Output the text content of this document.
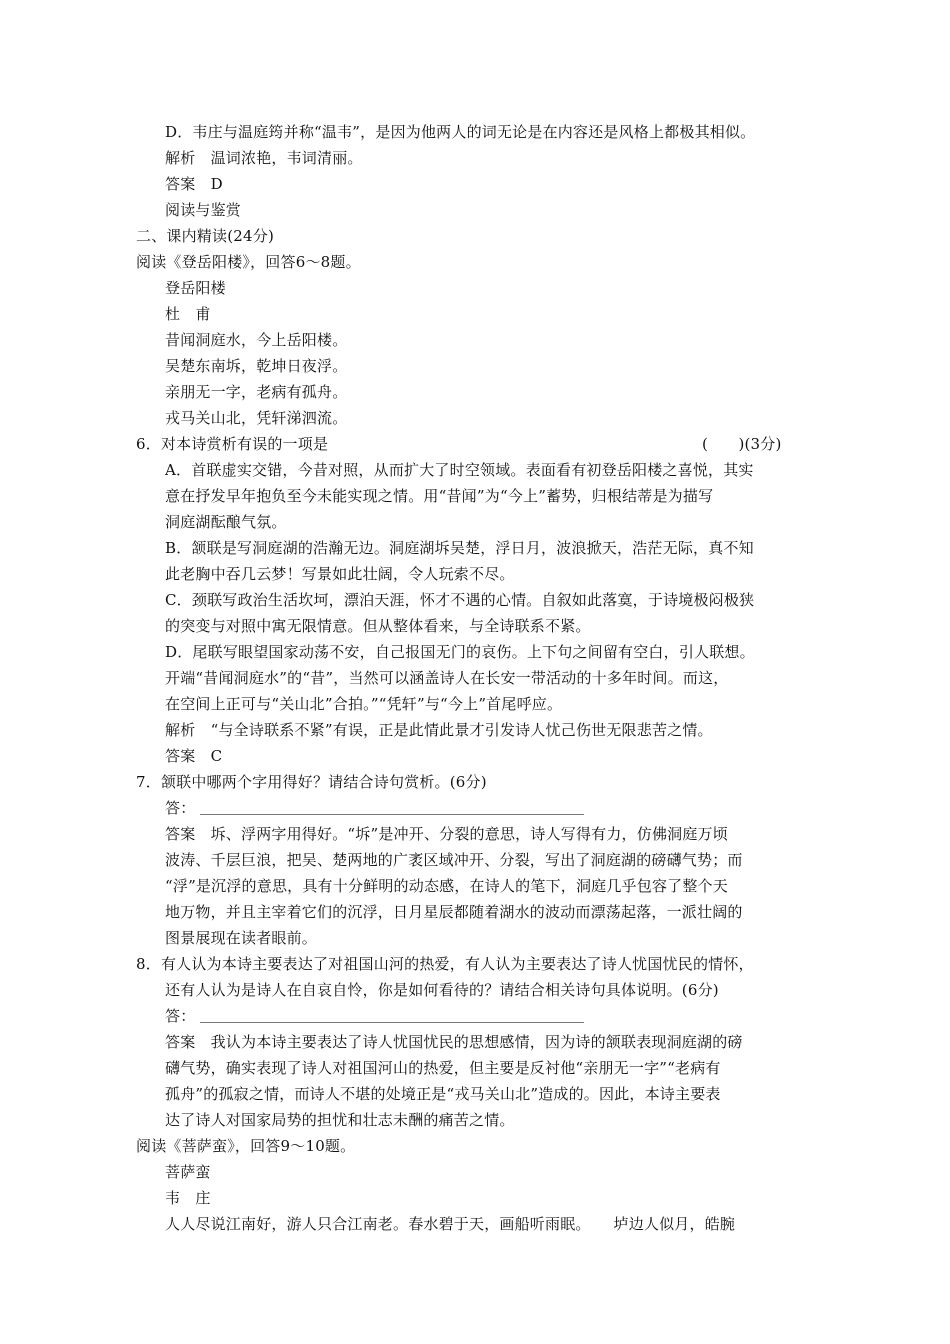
D．韦庄与温庭筠并称“温韦”，是因为他两人的词无论是在内容还是风格上都极其相似。
解析　温词浓艳，韦词清丽。
答案　D
阅读与鉴赏
二、课内精读(24分)
阅读《登岳阳楼》，回答6～8题。
登岳阳楼
杜　甫
昔闻洞庭水，今上岳阳楼。
吴楚东南坼，乾坤日夜浮。
亲朋无一字，老病有孤舟。
戎马关山北，凭轩涕泗流。
6．对本诗赏析有误的一项是	(　　)(3分)
A．首联虚实交错，今昔对照，从而扩大了时空领域。表面看有初登岳阳楼之喜悦，其实
意在抒发早年抱负至今未能实现之情。用“昔闻”为“今上”蓄势，归根结蒂是为描写
洞庭湖酝酿气氛。
B．颔联是写洞庭湖的浩瀚无边。洞庭湖坼吴楚，浮日月，波浪掀天，浩茫无际，真不知
此老胸中吞几云梦！写景如此壮阔，令人玩索不尽。
C．颈联写政治生活坎坷，漂泊天涯，怀才不遇的心情。自叙如此落寞，于诗境极闷极狭
的突变与对照中寓无限情意。但从整体看来，与全诗联系不紧。
D．尾联写眼望国家动荡不安，自己报国无门的哀伤。上下句之间留有空白，引人联想。
开端“昔闻洞庭水”的“昔”，当然可以涵盖诗人在长安一带活动的十多年时间。而这，
在空间上正可与“关山北”合拍。”“凭轩”与“今上”首尾呼应。
解析　“与全诗联系不紧”有误，正是此情此景才引发诗人忧己伤世无限悲苦之情。
答案　C
7．颔联中哪两个字用得好？请结合诗句赏析。(6分)
答：
答案　坼、浮两字用得好。“坼”是冲开、分裂的意思，诗人写得有力，仿佛洞庭万顷
波涛、千层巨浪，把吴、楚两地的广袤区域冲开、分裂，写出了洞庭湖的磅礴气势；而
“浮”是沉浮的意思，具有十分鲜明的动态感，在诗人的笔下，洞庭几乎包容了整个天
地万物，并且主宰着它们的沉浮，日月星辰都随着湖水的波动而漂荡起落，一派壮阔的
图景展现在读者眼前。
8．有人认为本诗主要表达了对祖国山河的热爱，有人认为主要表达了诗人忧国忧民的情怀，
还有人认为是诗人在自哀自怜，你是如何看待的？请结合相关诗句具体说明。(6分)
答：
答案　我认为本诗主要表达了诗人忧国忧民的思想感情，因为诗的颔联表现洞庭湖的磅
礴气势，确实表现了诗人对祖国河山的热爱，但主要是反衬他“亲朋无一字”“老病有
孤舟”的孤寂之情，而诗人不堪的处境正是“戎马关山北”造成的。因此，本诗主要表
达了诗人对国家局势的担忧和壮志未酬的痛苦之情。
阅读《菩萨蛮》，回答9～10题。
菩萨蛮
韦　庄
人人尽说江南好，游人只合江南老。春水碧于天，画船听雨眠。　　垆边人似月，皓腕
